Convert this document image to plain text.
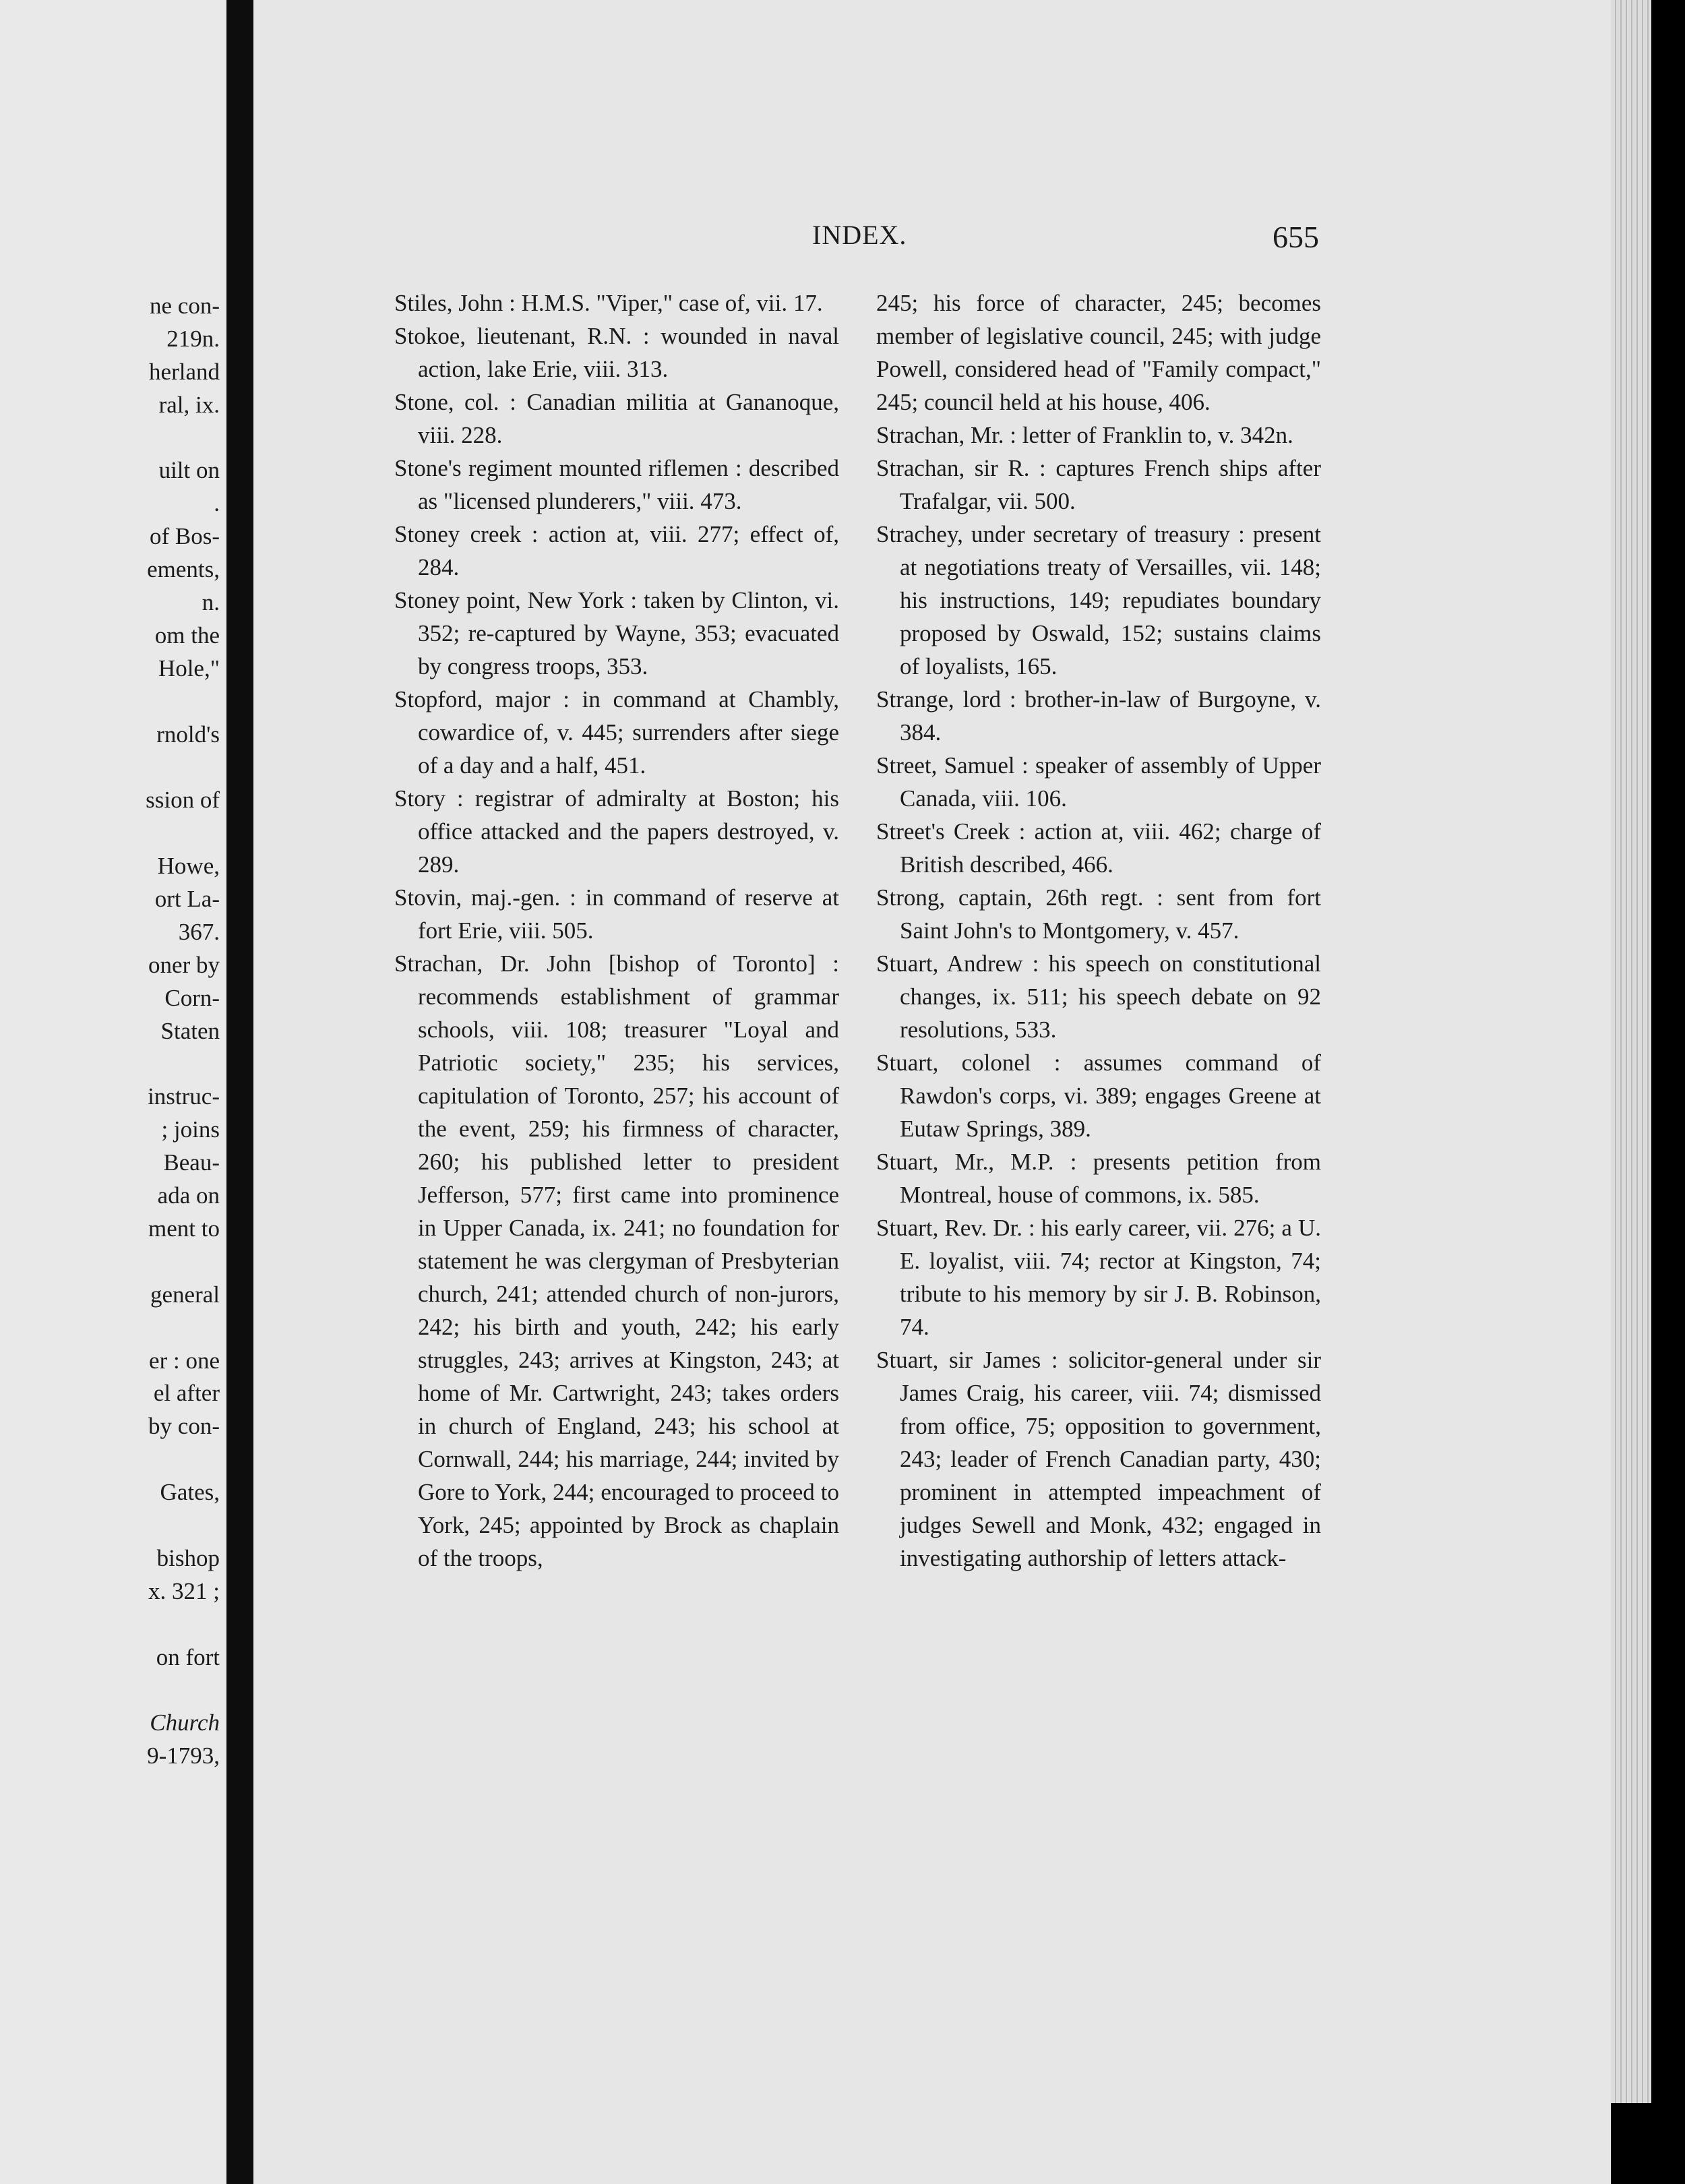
ne con-
219n.
herland
ral, ix.
uilt on
.
of Bos-
ements,
n.
om the
Hole,"
rnold's
ssion of
Howe,
ort La-
367.
oner by
Corn-
Staten
instruc-
; joins
Beau-
ada on
ment to
general
er : one
el after
by con-
Gates,
bishop
x. 321 ;
on fort
Church
9-1793,
INDEX.	655
Stiles, John : H.M.S. "Viper," case of, vii. 17.
Stokoe, lieutenant, R.N. : wounded in naval action, lake Erie, viii. 313.
Stone, col. : Canadian militia at Gananoque, viii. 228.
Stone's regiment mounted riflemen : described as "licensed plunderers," viii. 473.
Stoney creek : action at, viii. 277; effect of, 284.
Stoney point, New York : taken by Clinton, vi. 352; re-captured by Wayne, 353; evacuated by congress troops, 353.
Stopford, major : in command at Chambly, cowardice of, v. 445; surrenders after siege of a day and a half, 451.
Story : registrar of admiralty at Boston; his office attacked and the papers destroyed, v. 289.
Stovin, maj.-gen. : in command of reserve at fort Erie, viii. 505.
Strachan, Dr. John [bishop of Toronto] : recommends establishment of grammar schools, viii. 108; treasurer "Loyal and Patriotic society," 235; his services, capitulation of Toronto, 257; his account of the event, 259; his firmness of character, 260; his published letter to president Jefferson, 577; first came into prominence in Upper Canada, ix. 241; no foundation for statement he was clergyman of Presbyterian church, 241; attended church of non-jurors, 242; his birth and youth, 242; his early struggles, 243; arrives at Kingston, 243; at home of Mr. Cartwright, 243; takes orders in church of England, 243; his school at Cornwall, 244; his marriage, 244; invited by Gore to York, 244; encouraged to proceed to York, 245; appointed by Brock as chaplain of the troops,
245; his force of character, 245; becomes member of legislative council, 245; with judge Powell, considered head of "Family compact," 245; council held at his house, 406.
Strachan, Mr. : letter of Franklin to, v. 342n.
Strachan, sir R. : captures French ships after Trafalgar, vii. 500.
Strachey, under secretary of treasury : present at negotiations treaty of Versailles, vii. 148; his instructions, 149; repudiates boundary proposed by Oswald, 152; sustains claims of loyalists, 165.
Strange, lord : brother-in-law of Burgoyne, v. 384.
Street, Samuel : speaker of assembly of Upper Canada, viii. 106.
Street's Creek : action at, viii. 462; charge of British described, 466.
Strong, captain, 26th regt. : sent from fort Saint John's to Montgomery, v. 457.
Stuart, Andrew : his speech on constitutional changes, ix. 511; his speech debate on 92 resolutions, 533.
Stuart, colonel : assumes command of Rawdon's corps, vi. 389; engages Greene at Eutaw Springs, 389.
Stuart, Mr., M.P. : presents petition from Montreal, house of commons, ix. 585.
Stuart, Rev. Dr. : his early career, vii. 276; a U. E. loyalist, viii. 74; rector at Kingston, 74; tribute to his memory by sir J. B. Robinson, 74.
Stuart, sir James : solicitor-general under sir James Craig, his career, viii. 74; dismissed from office, 75; opposition to government, 243; leader of French Canadian party, 430; prominent in attempted impeachment of judges Sewell and Monk, 432; engaged in investigating authorship of letters attack-
